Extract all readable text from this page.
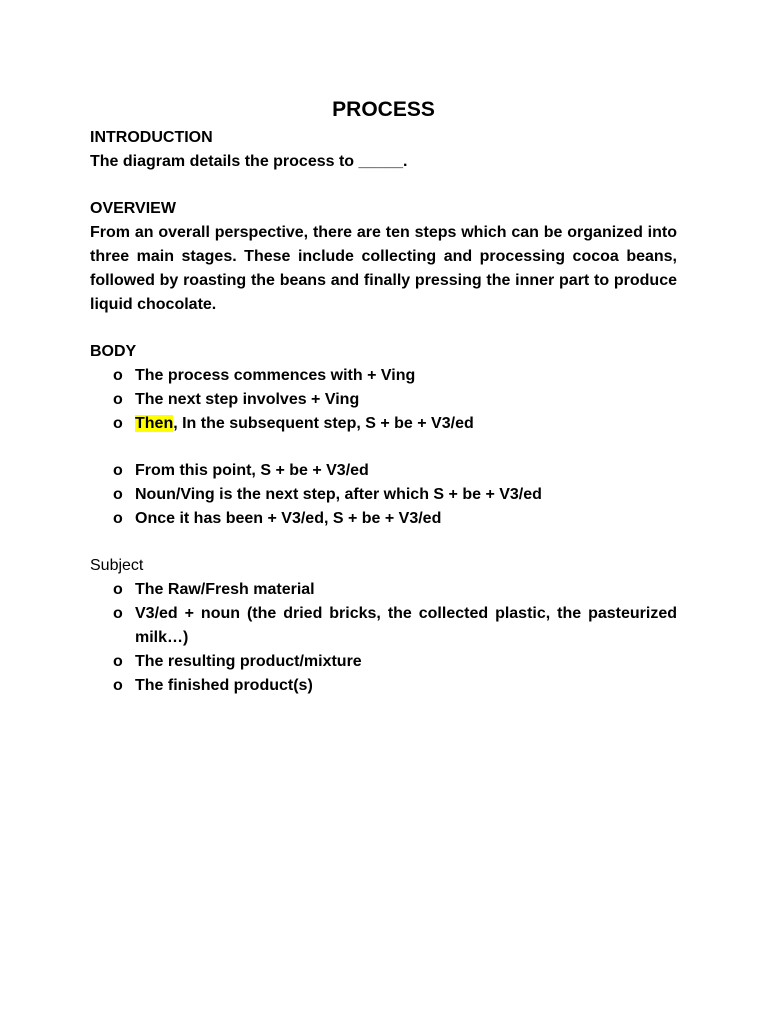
PROCESS
INTRODUCTION
The diagram details the process to _____.
OVERVIEW
From an overall perspective, there are ten steps which can be organized into three main stages. These include collecting and processing cocoa beans, followed by roasting the beans and finally pressing the inner part to produce liquid chocolate.
BODY
o The process commences with + Ving
o The next step involves + Ving
o Then, In the subsequent step, S + be + V3/ed
o From this point, S + be + V3/ed
o Noun/Ving is the next step, after which S + be + V3/ed
o Once it has been + V3/ed, S + be + V3/ed
Subject
o The Raw/Fresh material
o V3/ed + noun (the dried bricks, the collected plastic, the pasteurized milk…)
o The resulting product/mixture
o The finished product(s)
